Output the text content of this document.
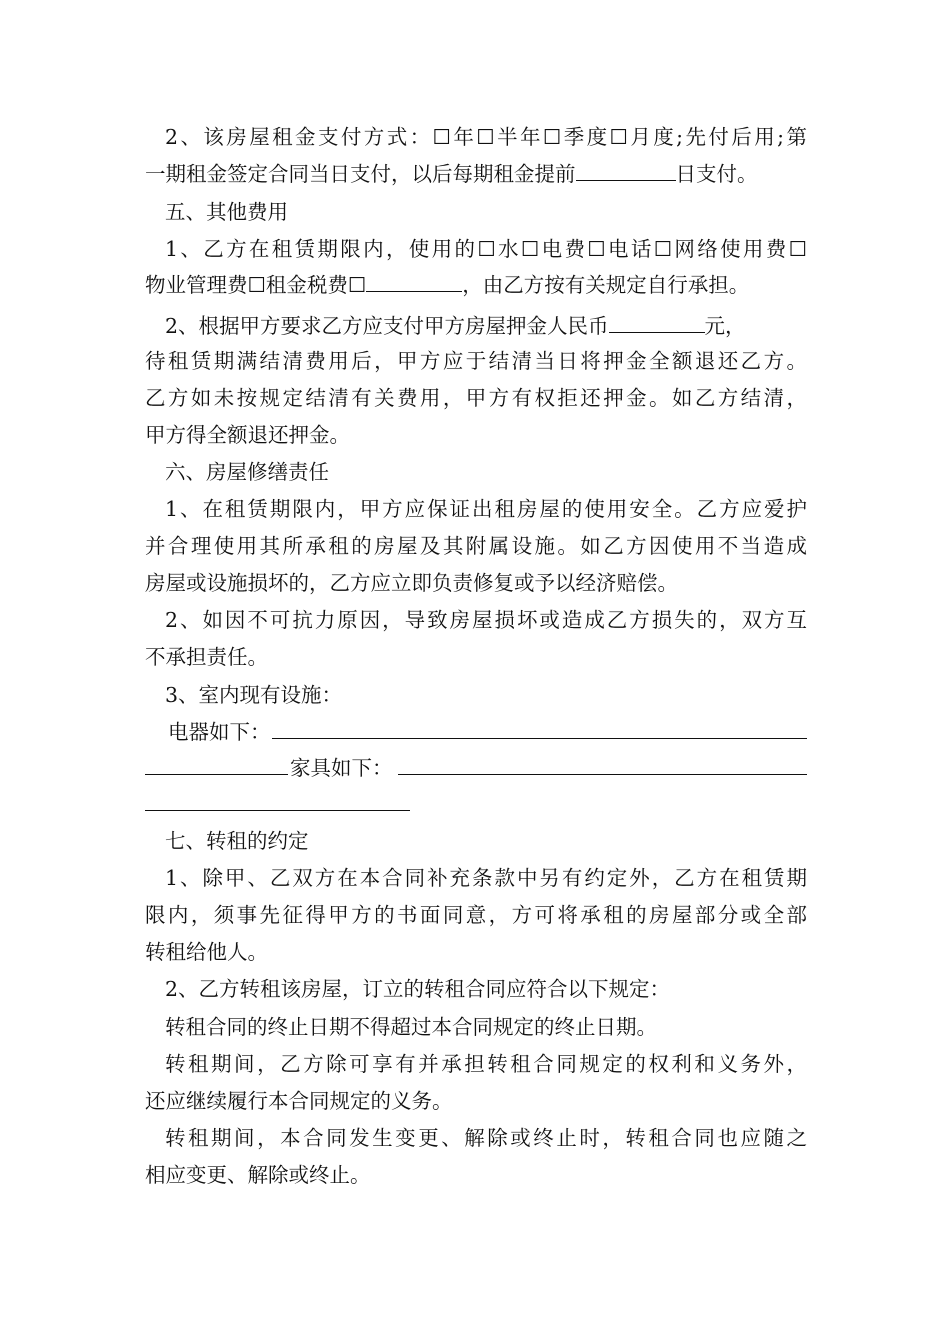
2、该房屋租金支付方式：☐年☐半年☐季度☐月度;先付后用;第
一期租金签定合同当日支付，以后每期租金提前	日支付。
五、其他费用
1、乙方在租赁期限内，使用的☐水☐电费☐电话☐网络使用费☐
物业管理费☐租金税费☐	，由乙方按有关规定自行承担。
2、根据甲方要求乙方应支付甲方房屋押金人民币	元，
待租赁期满结清费用后，甲方应于结清当日将押金全额退还乙方。
乙方如未按规定结清有关费用，甲方有权拒还押金。如乙方结清，
甲方得全额退还押金。
六、房屋修缮责任
1、在租赁期限内，甲方应保证出租房屋的使用安全。乙方应爱护
并合理使用其所承租的房屋及其附属设施。如乙方因使用不当造成
房屋或设施损坏的，乙方应立即负责修复或予以经济赔偿。
2、如因不可抗力原因，导致房屋损坏或造成乙方损失的，双方互
不承担责任。
3、室内现有设施：
电器如下：
家具如下：
七、转租的约定
1、除甲、乙双方在本合同补充条款中另有约定外，乙方在租赁期
限内，须事先征得甲方的书面同意，方可将承租的房屋部分或全部
转租给他人。
2、乙方转租该房屋，订立的转租合同应符合以下规定：
转租合同的终止日期不得超过本合同规定的终止日期。
转租期间，乙方除可享有并承担转租合同规定的权利和义务外，
还应继续履行本合同规定的义务。
转租期间，本合同发生变更、解除或终止时，转租合同也应随之
相应变更、解除或终止。
